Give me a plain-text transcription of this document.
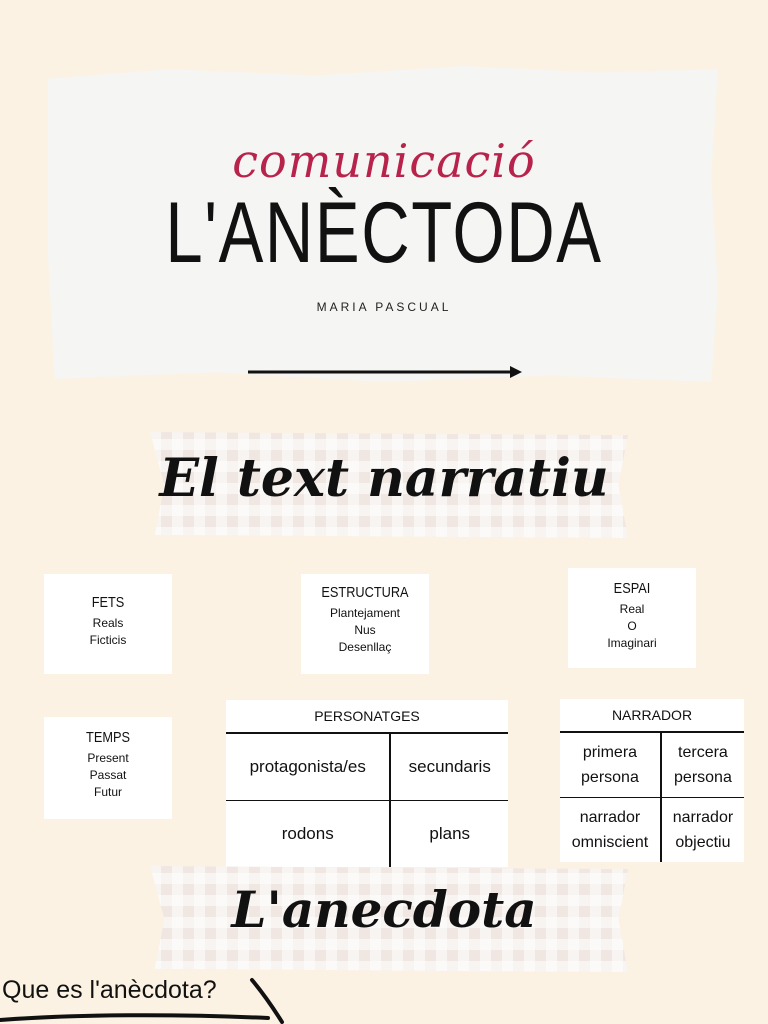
comunicació
L'ANÈCTODA
MARIA PASCUAL
El text narratiu
FETS
Reals
Ficticis
ESTRUCTURA
Plantejament
Nus
Desenllaç
ESPAI
Real
O
Imaginari
TEMPS
Present
Passat
Futur
PERSONATGES	
protagonista/es	secundaris
rodons	plans
NARRADOR	
primera persona	tercera persona
narrador omniscient	narrador objectiu
L'anecdota
Que es l'anècdota?
